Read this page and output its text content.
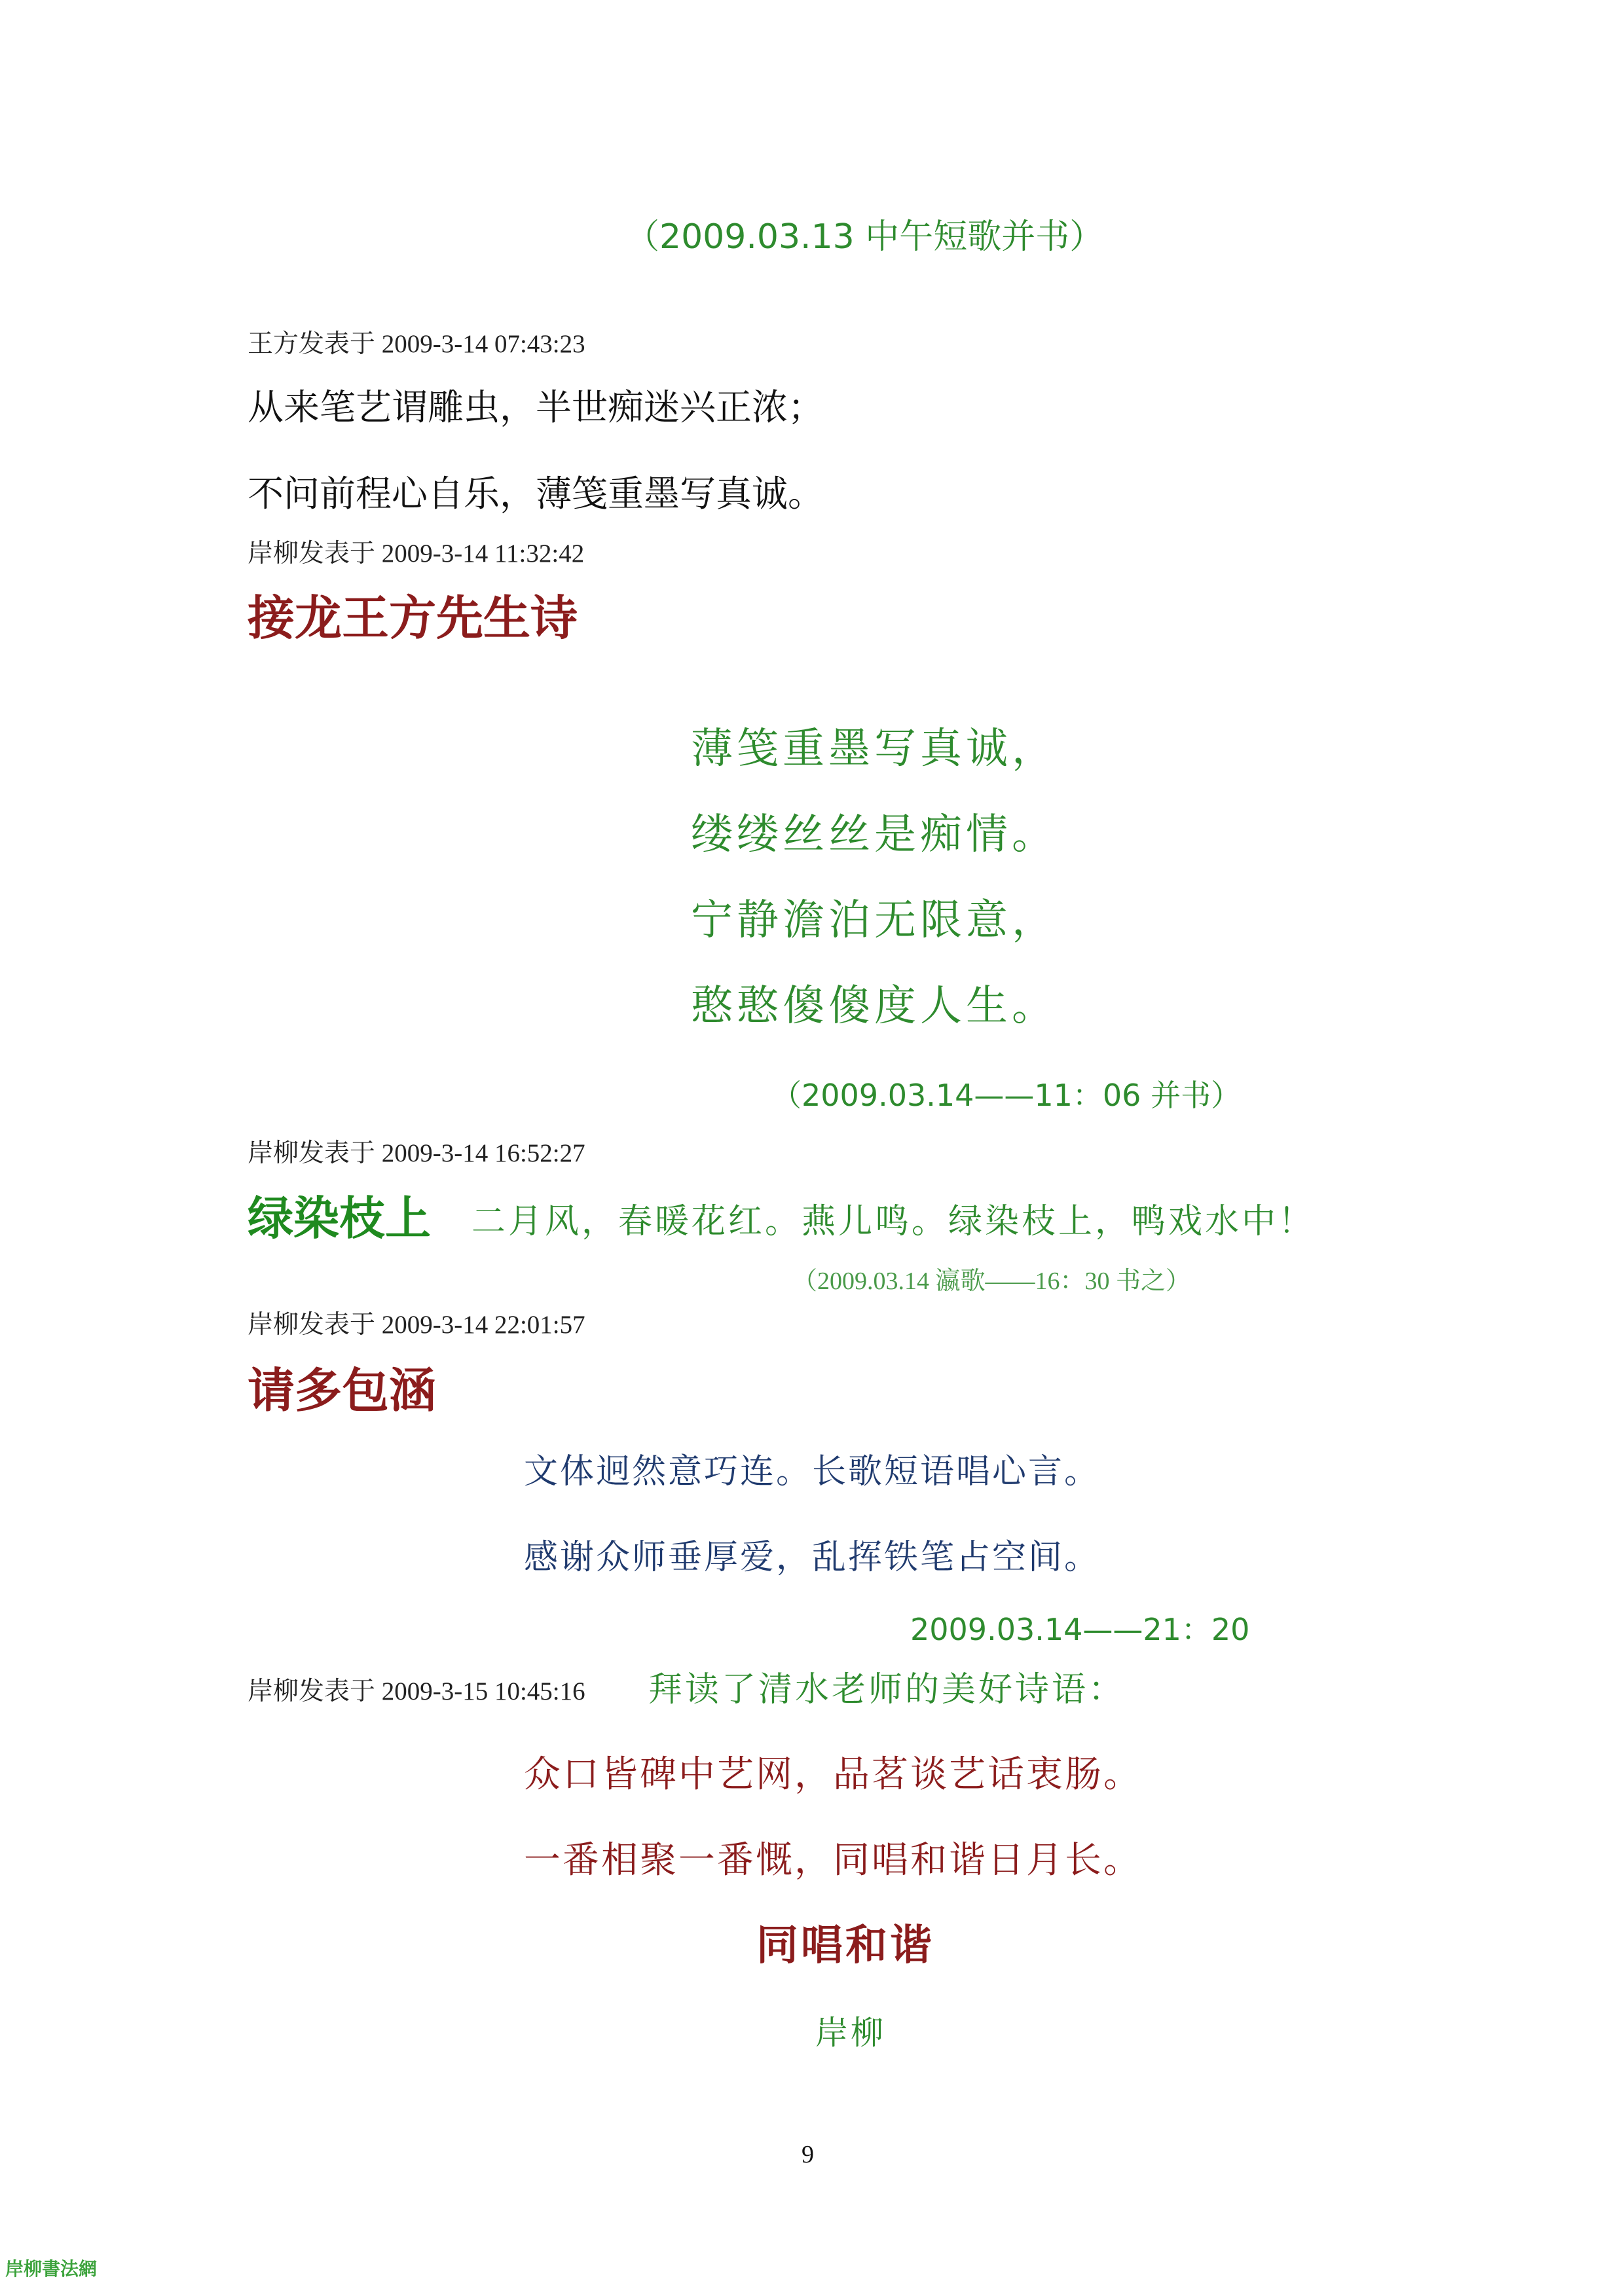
（2009.03.13 中午短歌并书）
王方发表于 2009-3-14 07:43:23
从来笔艺谓雕虫，半世痴迷兴正浓；
不问前程心自乐，薄笺重墨写真诚。
岸柳发表于 2009-3-14 11:32:42
接龙王方先生诗
薄笺重墨写真诚，
缕缕丝丝是痴情。
宁静澹泊无限意，
憨憨傻傻度人生。
（2009.03.14——11：06 并书）
岸柳发表于 2009-3-14 16:52:27
绿染枝上 二月风，春暖花红。燕儿鸣。绿染枝上，鸭戏水中！
（2009.03.14 瀛歌——16：30 书之）
岸柳发表于 2009-3-14 22:01:57
请多包涵
文体迥然意巧连。长歌短语唱心言。
感谢众师垂厚爱，乱挥铁笔占空间。
2009.03.14——21：20
岸柳发表于 2009-3-15 10:45:16 拜读了清水老师的美好诗语：
众口皆碑中艺网，品茗谈艺话衷肠。
一番相聚一番慨，同唱和谐日月长。
同唱和谐
岸柳
9
岸柳書法網
